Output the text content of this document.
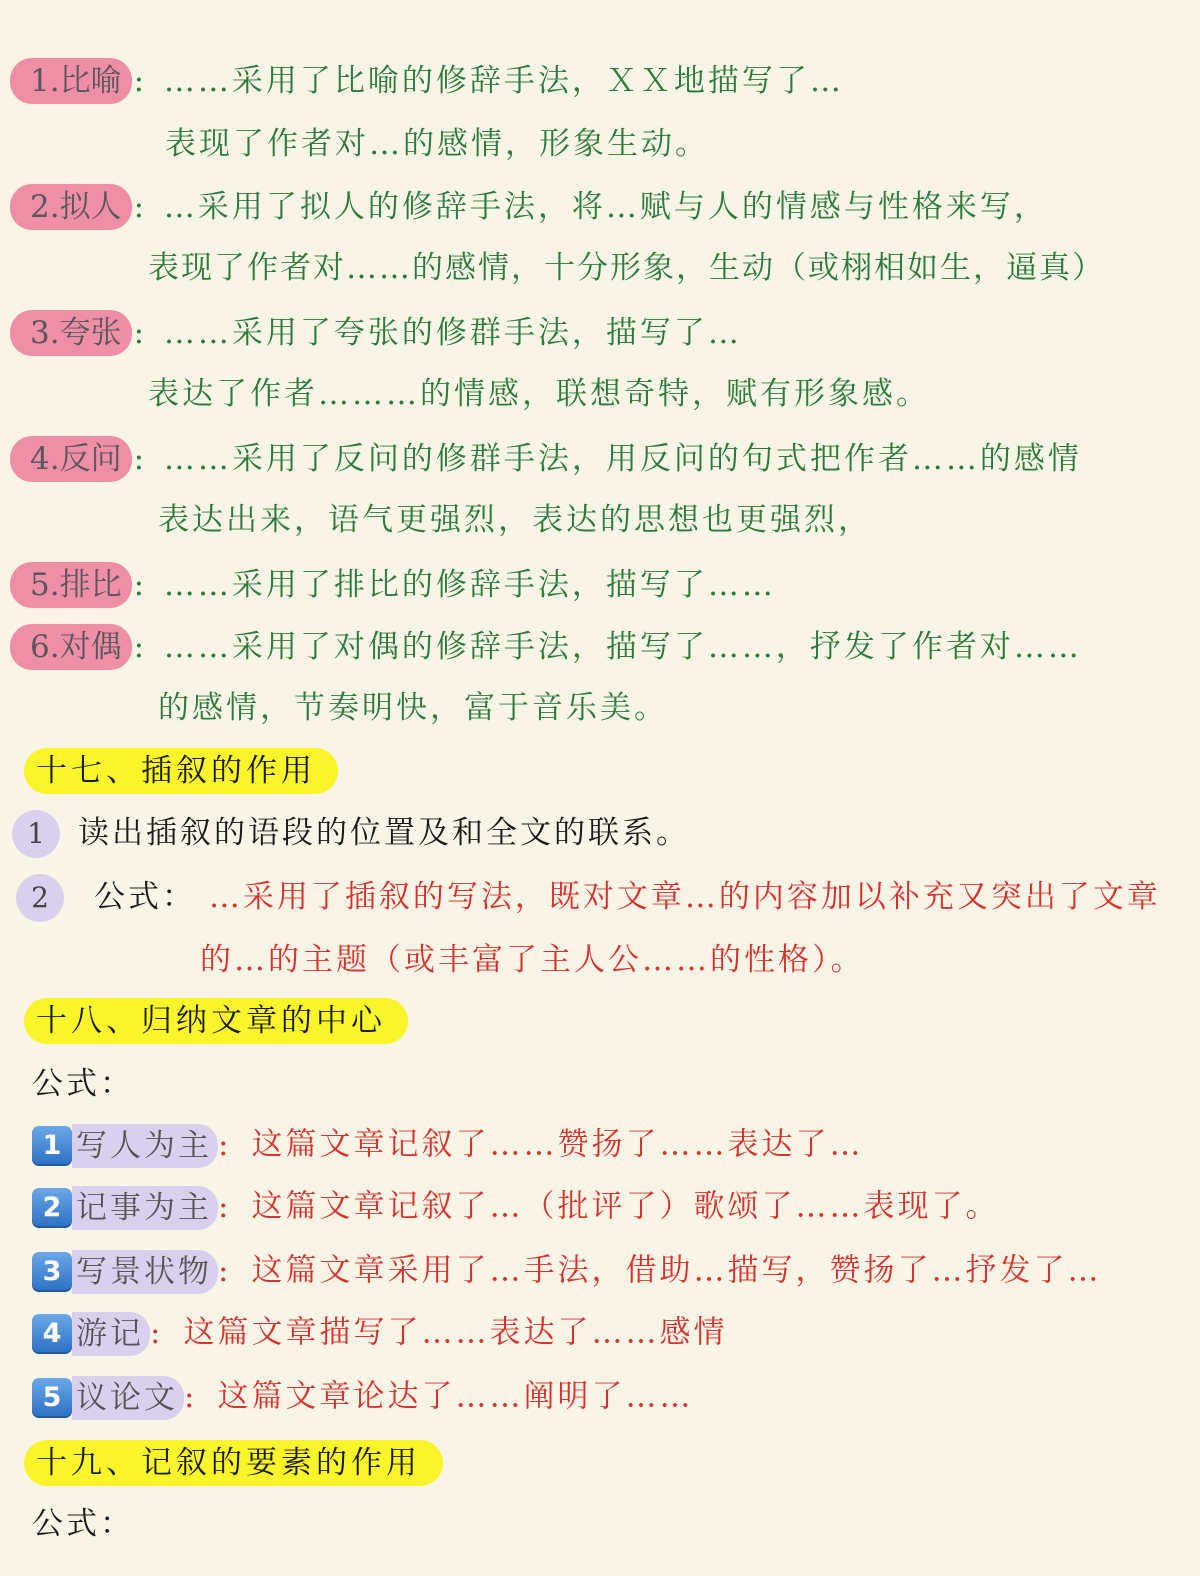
1.比喻 : ……采用了比喻的修辞手法，ＸＸ地描写了…
表现了作者对…的感情，形象生动。
2.拟人 : …采用了拟人的修辞手法，将…赋与人的情感与性格来写，
表现了作者对……的感情，十分形象，生动（或栩相如生，逼真）
3.夸张 : ……采用了夸张的修群手法，描写了…
表达了作者………的情感，联想奇特，赋有形象感。
4.反问 : ……采用了反问的修群手法，用反问的句式把作者……的感情
表达出来，语气更强烈，表达的思想也更强烈，
5.排比 : ……采用了排比的修辞手法，描写了……
6.对偶 : ……采用了对偶的修辞手法，描写了……，抒发了作者对……
的感情，节奏明快，富于音乐美。
十七、插叙的作用
1 读出插叙的语段的位置及和全文的联系。
2 公式： …采用了插叙的写法，既对文章…的内容加以补充又突出了文章
的…的主题（或丰富了主人公……的性格）。
十八、归纳文章的中心
公式：
1 写人为主 : 这篇文章记叙了……赞扬了……表达了…
2 记事为主 : 这篇文章记叙了…（批评了）歌颂了……表现了。
3 写景状物 : 这篇文章采用了…手法，借助…描写，赞扬了…抒发了…
4 游记 : 这篇文章描写了……表达了……感情
5 议论文 : 这篇文章论达了……阐明了……
十九、记叙的要素的作用
公式：
